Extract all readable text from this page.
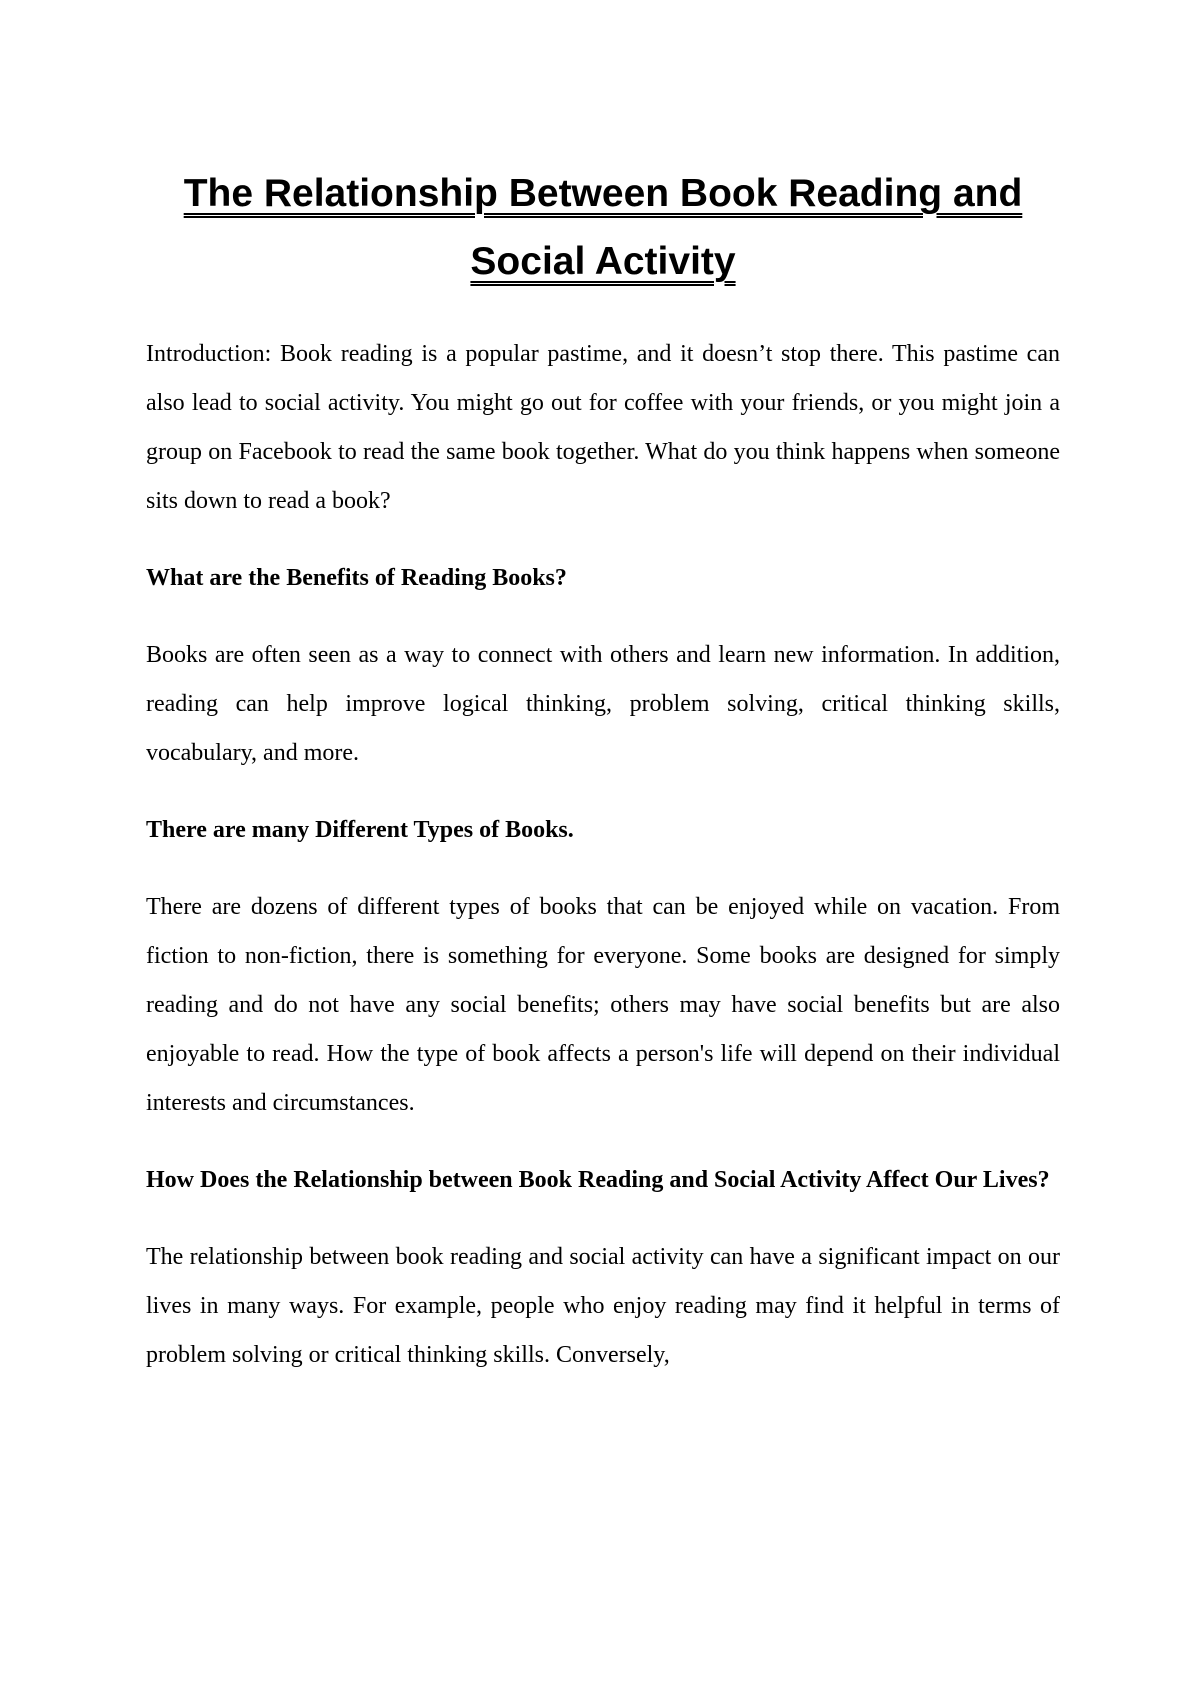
The Relationship Between Book Reading and Social Activity

Introduction: Book reading is a popular pastime, and it doesn’t stop there. This pastime can also lead to social activity. You might go out for coffee with your friends, or you might join a group on Facebook to read the same book together. What do you think happens when someone sits down to read a book?

What are the Benefits of Reading Books?

Books are often seen as a way to connect with others and learn new information. In addition, reading can help improve logical thinking, problem solving, critical thinking skills, vocabulary, and more.

There are many Different Types of Books.

There are dozens of different types of books that can be enjoyed while on vacation. From fiction to non-fiction, there is something for everyone. Some books are designed for simply reading and do not have any social benefits; others may have social benefits but are also enjoyable to read. How the type of book affects a person's life will depend on their individual interests and circumstances.

How Does the Relationship between Book Reading and Social Activity Affect Our Lives?

The relationship between book reading and social activity can have a significant impact on our lives in many ways. For example, people who enjoy reading may find it helpful in terms of problem solving or critical thinking skills. Conversely,
